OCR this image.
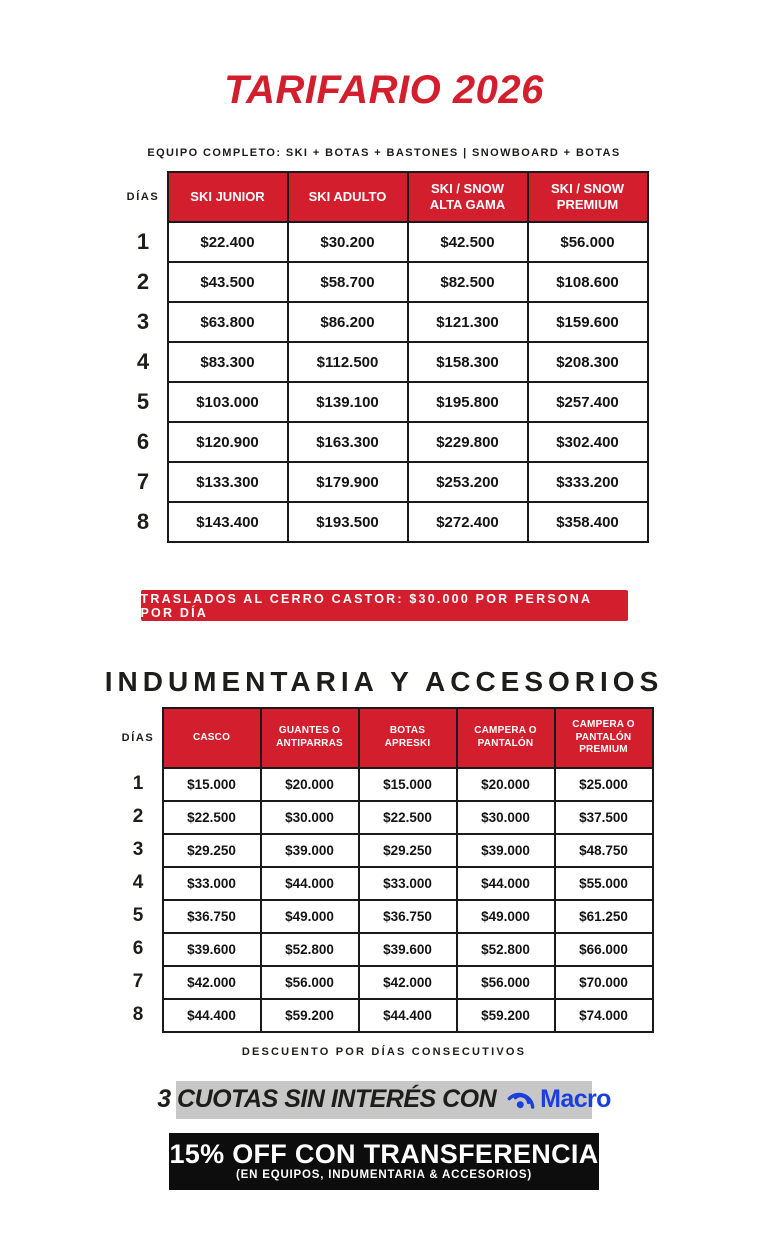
TARIFARIO 2026
EQUIPO COMPLETO: SKI + BOTAS + BASTONES | SNOWBOARD + BOTAS
DÍAS	SKI JUNIOR	SKI ADULTO	SKI / SNOW ALTA GAMA	SKI / SNOW PREMIUM
1	$22.400	$30.200	$42.500	$56.000
2	$43.500	$58.700	$82.500	$108.600
3	$63.800	$86.200	$121.300	$159.600
4	$83.300	$112.500	$158.300	$208.300
5	$103.000	$139.100	$195.800	$257.400
6	$120.900	$163.300	$229.800	$302.400
7	$133.300	$179.900	$253.200	$333.200
8	$143.400	$193.500	$272.400	$358.400
TRASLADOS AL CERRO CASTOR: $30.000 POR PERSONA POR DÍA
INDUMENTARIA Y ACCESORIOS
DÍAS	CASCO	GUANTES O ANTIPARRAS	BOTAS APRESKI	CAMPERA O PANTALÓN	CAMPERA O PANTALÓN PREMIUM
1	$15.000	$20.000	$15.000	$20.000	$25.000
2	$22.500	$30.000	$22.500	$30.000	$37.500
3	$29.250	$39.000	$29.250	$39.000	$48.750
4	$33.000	$44.000	$33.000	$44.000	$55.000
5	$36.750	$49.000	$36.750	$49.000	$61.250
6	$39.600	$52.800	$39.600	$52.800	$66.000
7	$42.000	$56.000	$42.000	$56.000	$70.000
8	$44.400	$59.200	$44.400	$59.200	$74.000
DESCUENTO POR DÍAS CONSECUTIVOS
3 CUOTAS SIN INTERÉS CON Macro
15% OFF CON TRANSFERENCIA
(EN EQUIPOS, INDUMENTARIA & ACCESORIOS)
